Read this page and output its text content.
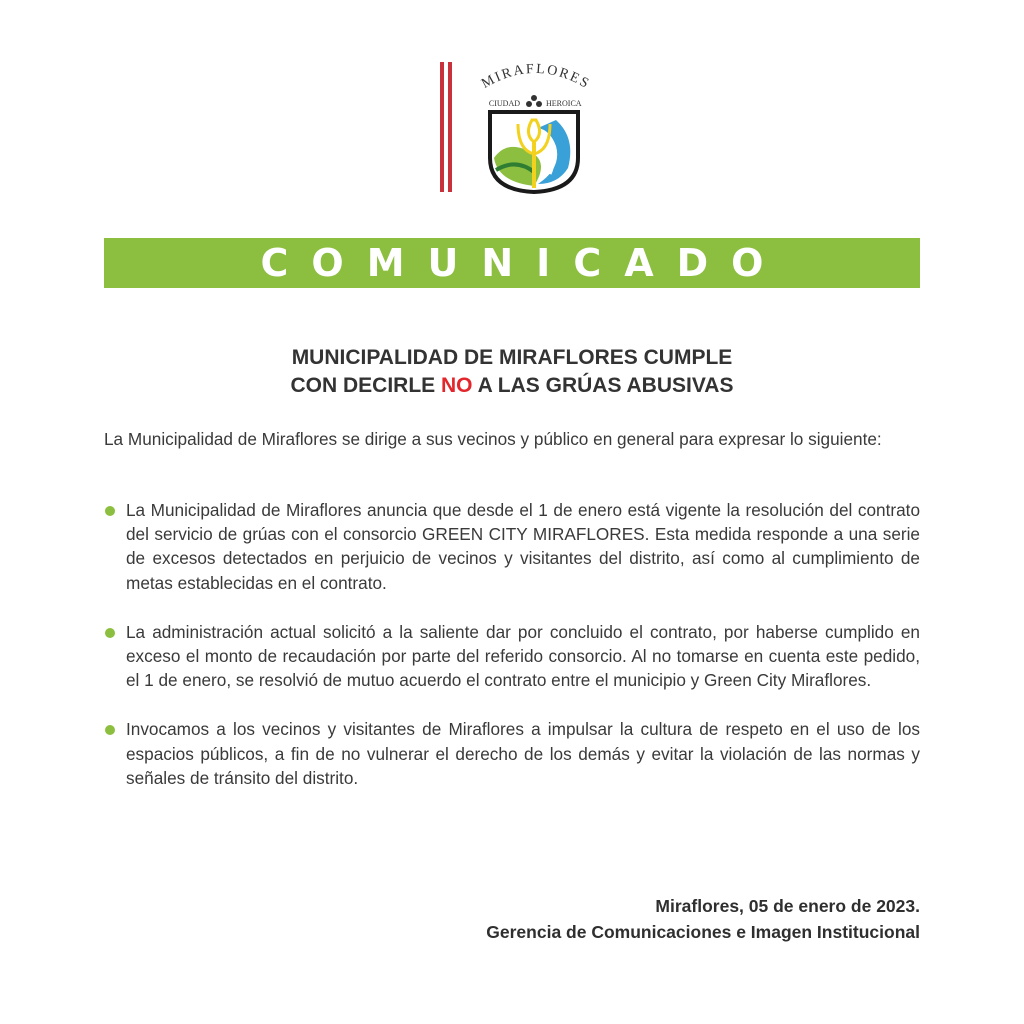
MIRAFLORES
CIUDAD	HEROICA
COMUNICADO
MUNICIPALIDAD DE MIRAFLORES CUMPLE
CON DECIRLE NO A LAS GRÚAS ABUSIVAS
La Municipalidad de Miraflores se dirige a sus vecinos y público en general para expresar lo siguiente:
La Municipalidad de Miraflores anuncia que desde el 1 de enero está vigente la resolución del contrato del servicio de grúas con el consorcio GREEN CITY MIRAFLORES. Esta medida responde a una serie de excesos detectados en perjuicio de vecinos y visitantes del distrito, así como al cumplimiento de metas establecidas en el contrato.
La administración actual solicitó a la saliente dar por concluido el contrato, por haberse cumplido en exceso el monto de recaudación por parte del referido consorcio. Al no tomarse en cuenta este pedido, el 1 de enero, se resolvió de mutuo acuerdo el contrato entre el municipio y Green City Miraflores.
Invocamos a los vecinos y visitantes de Miraflores a impulsar la cultura de respeto en el uso de los espacios públicos, a fin de no vulnerar el derecho de los demás y evitar la violación de las normas y señales de tránsito del distrito.
Miraflores, 05 de enero de 2023.
Gerencia de Comunicaciones e Imagen Institucional
